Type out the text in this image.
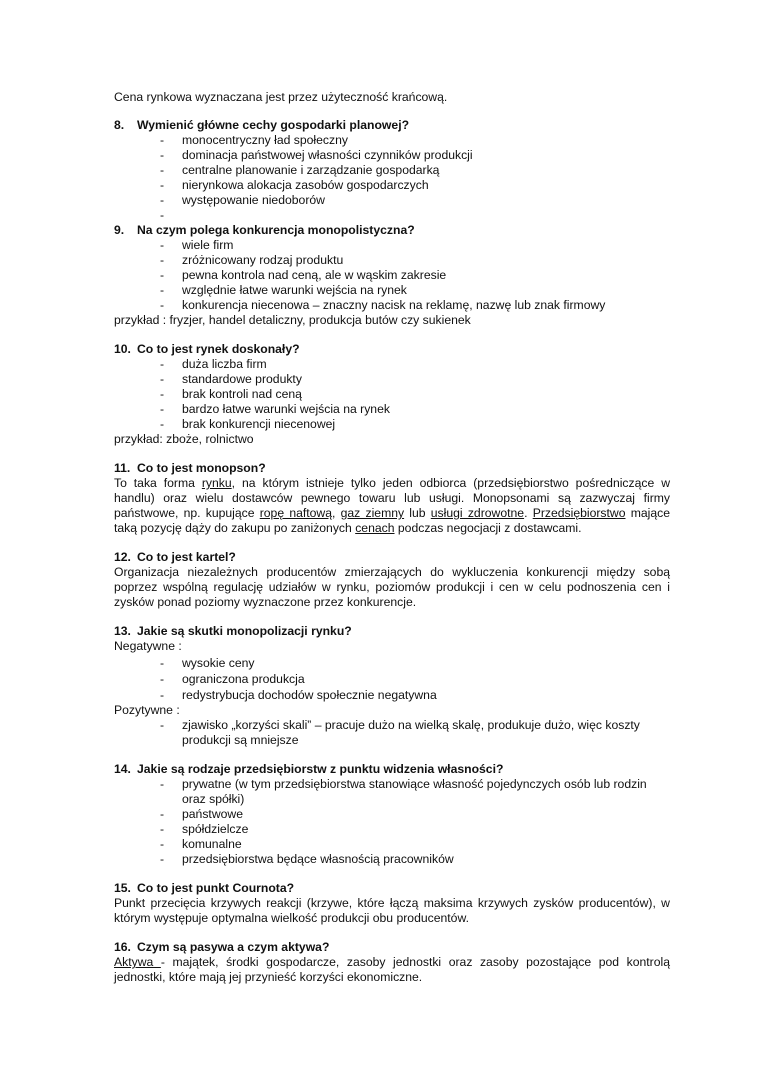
Cena rynkowa wyznaczana jest przez użyteczność krańcową.

8.	Wymienić główne cechy gospodarki planowej?
- monocentryczny ład społeczny
- dominacja państwowej własności czynników produkcji
- centralne planowanie i zarządzanie gospodarką
- nierynkowa alokacja zasobów gospodarczych
- występowanie niedoborów
-
9.	Na czym polega konkurencja monopolistyczna?
- wiele firm
- zróżnicowany rodzaj produktu
- pewna kontrola nad ceną, ale w wąskim zakresie
- względnie łatwe warunki wejścia na rynek
- konkurencja niecenowa – znaczny nacisk na reklamę, nazwę lub znak firmowy

przykład : fryzjer, handel detaliczny, produkcja butów czy sukienek

10. Co to jest rynek doskonały?
- duża liczba firm
- standardowe produkty
- brak kontroli nad ceną
- bardzo łatwe warunki wejścia na rynek
- brak konkurencji niecenowej

przykład: zboże, rolnictwo

11. Co to jest monopson?

To taka forma rynku, na którym istnieje tylko jeden odbiorca (przedsiębiorstwo pośredniczące w handlu) oraz wielu dostawców pewnego towaru lub usługi. Monopsonami są zazwyczaj firmy państwowe, np. kupujące ropę naftową, gaz ziemny lub usługi zdrowotne. Przedsiębiorstwo mające taką pozycję dąży do zakupu po zaniżonych cenach podczas negocjacji z dostawcami.

12. Co to jest kartel?

Organizacja niezależnych producentów zmierzających do wykluczenia konkurencji między sobą poprzez wspólną regulację udziałów w rynku, poziomów produkcji i cen w celu podnoszenia cen i zysków ponad poziomy wyznaczone przez konkurencje.

13. Jakie są skutki monopolizacji rynku?

Negatywne :

- wysokie ceny
- ograniczona produkcja
- redystrybucja dochodów społecznie negatywna

Pozytywne :

- zjawisko „korzyści skali” – pracuje dużo na wielką skalę, produkuje dużo, więc koszty produkcji są mniejsze
14. Jakie są rodzaje przedsiębiorstw z punktu widzenia własności?
- prywatne (w tym przedsiębiorstwa stanowiące własność pojedynczych osób lub rodzin oraz spółki)
- państwowe
- spółdzielcze
- komunalne
- przedsiębiorstwa będące własnością pracowników
15. Co to jest punkt Cournota?

Punkt przecięcia krzywych reakcji (krzywe, które łączą maksima krzywych zysków producentów), w którym występuje optymalna wielkość produkcji obu producentów.

16. Czym są pasywa a czym aktywa?

Aktywa - majątek, środki gospodarcze, zasoby jednostki oraz zasoby pozostające pod kontrolą jednostki, które mają jej przynieść korzyści ekonomiczne.
